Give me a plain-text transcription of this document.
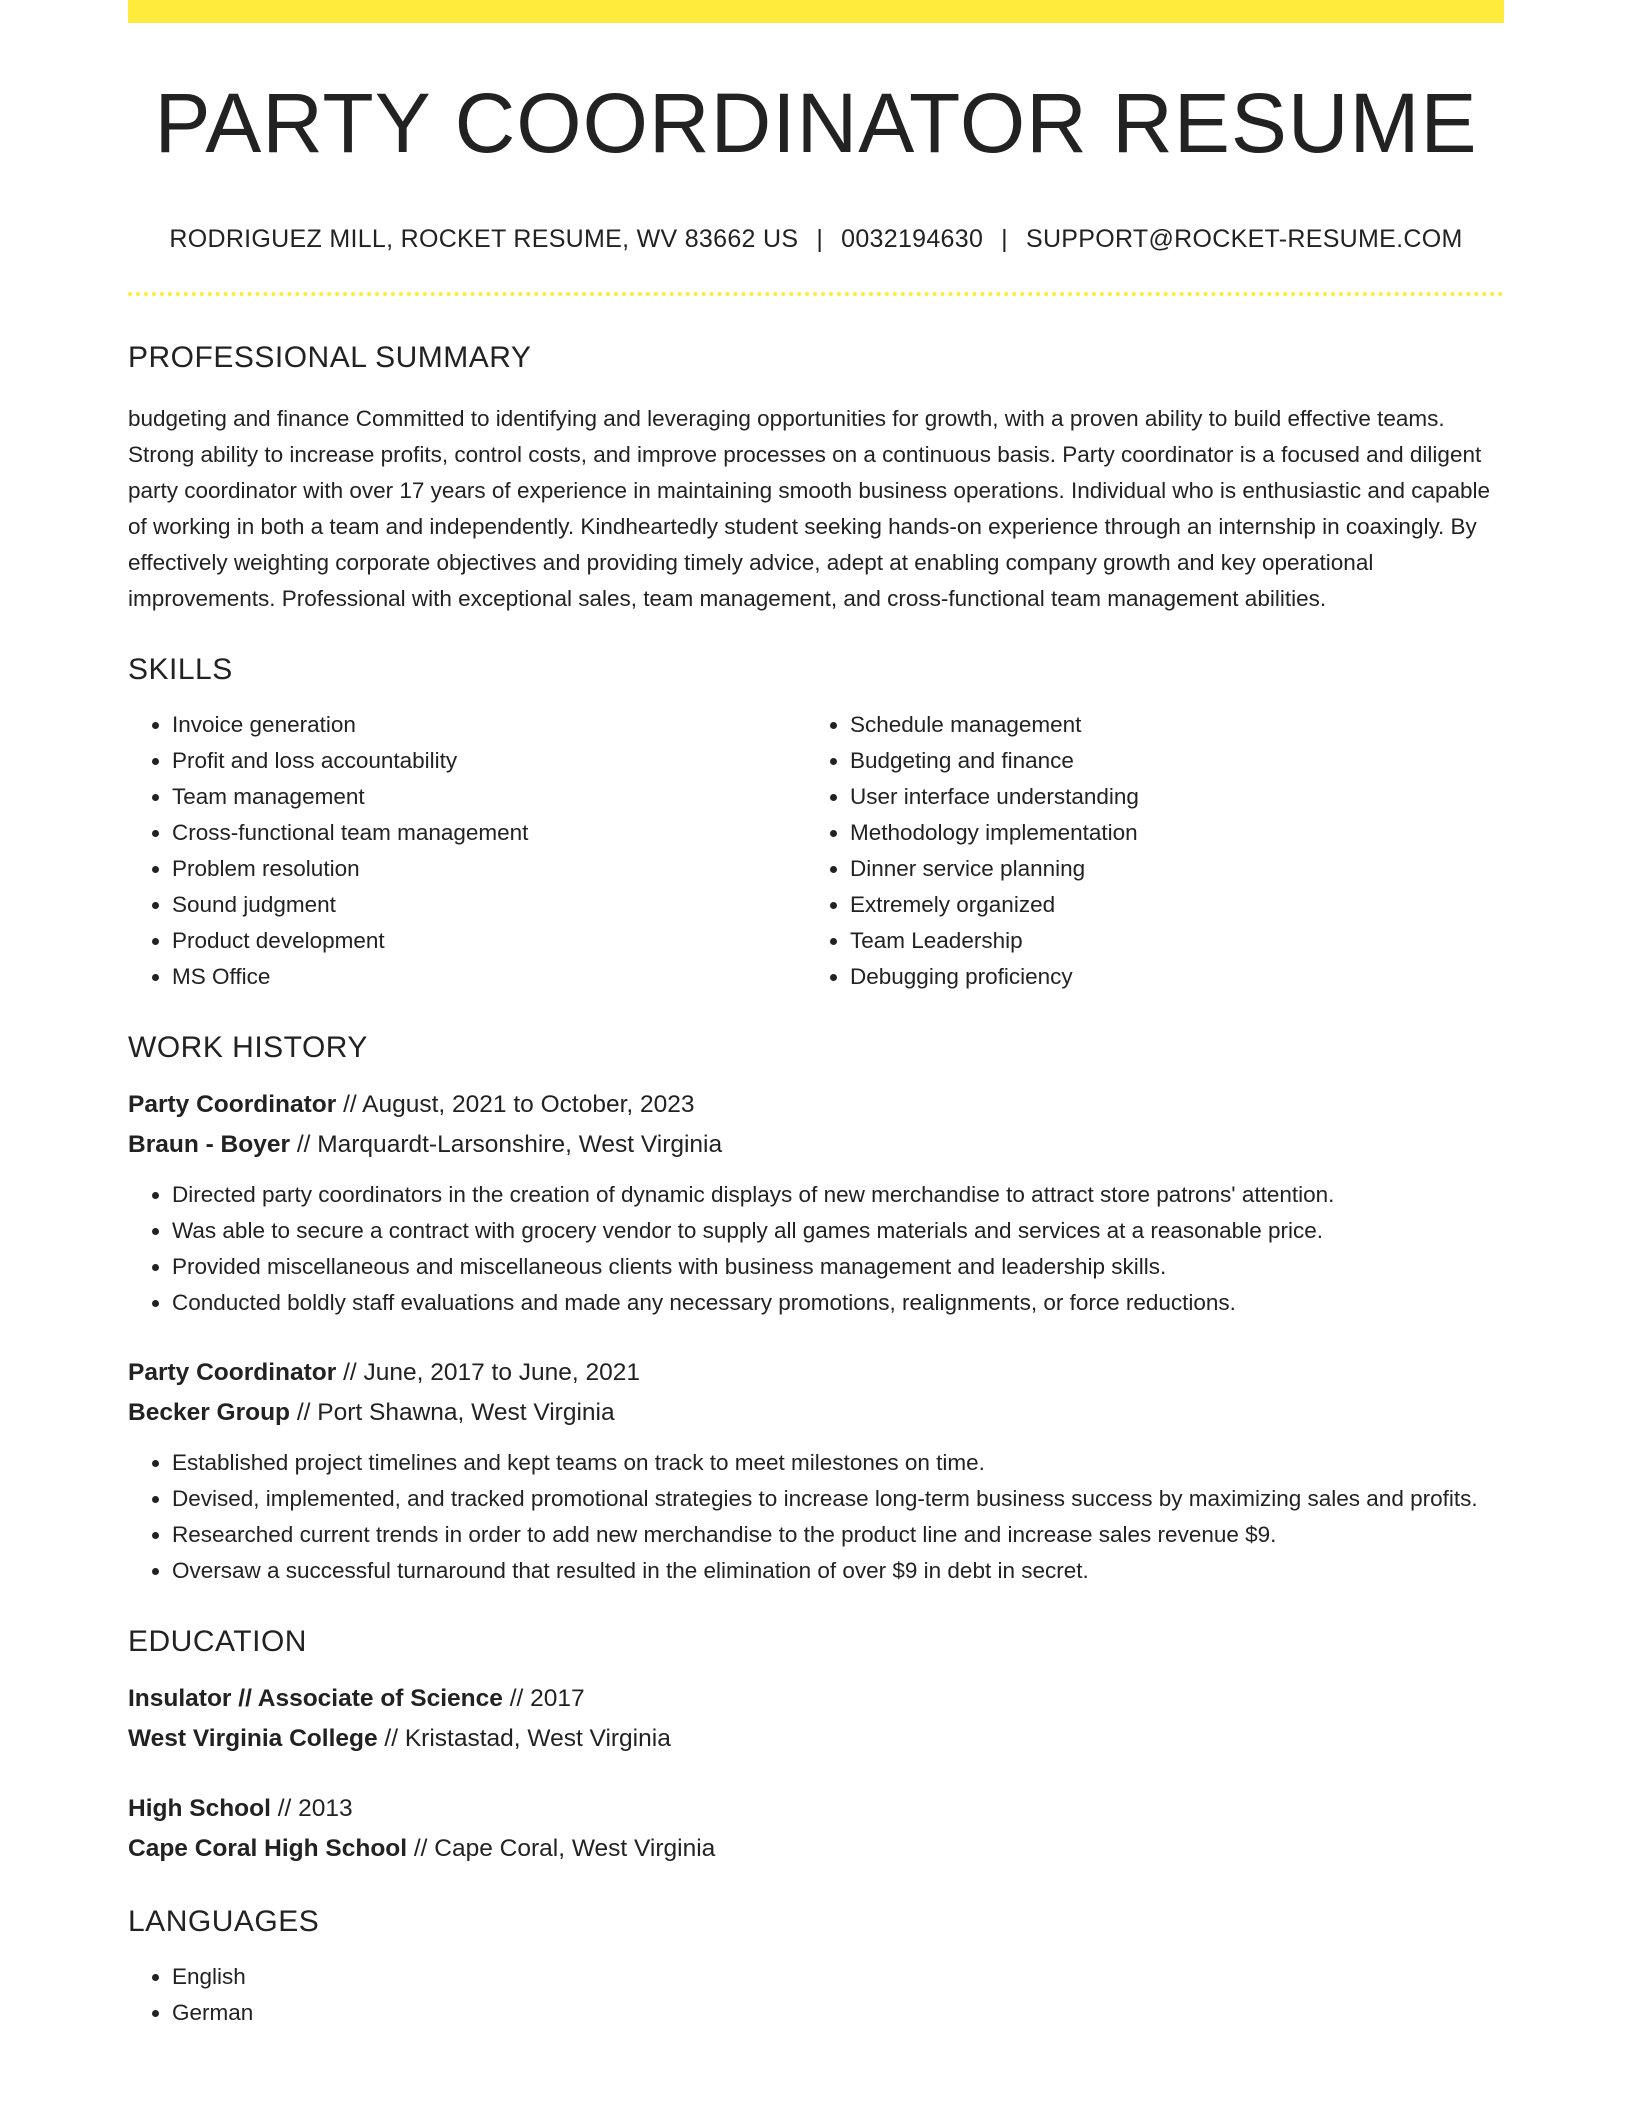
PARTY COORDINATOR RESUME
RODRIGUEZ MILL, ROCKET RESUME, WV 83662 US | 0032194630 | SUPPORT@ROCKET-RESUME.COM
PROFESSIONAL SUMMARY

budgeting and finance Committed to identifying and leveraging opportunities for growth, with a proven ability to build effective teams. Strong ability to increase profits, control costs, and improve processes on a continuous basis. Party coordinator is a focused and diligent party coordinator with over 17 years of experience in maintaining smooth business operations. Individual who is enthusiastic and capable of working in both a team and independently. Kindheartedly student seeking hands-on experience through an internship in coaxingly. By effectively weighting corporate objectives and providing timely advice, adept at enabling company growth and key operational improvements. Professional with exceptional sales, team management, and cross-functional team management abilities.

SKILLS
• Invoice generation
• Profit and loss accountability
• Team management
• Cross-functional team management
• Problem resolution
• Sound judgment
• Product development
• MS Office
• Schedule management
• Budgeting and finance
• User interface understanding
• Methodology implementation
• Dinner service planning
• Extremely organized
• Team Leadership
• Debugging proficiency
WORK HISTORY
Party Coordinator // August, 2021 to October, 2023
Braun - Boyer // Marquardt-Larsonshire, West Virginia
• Directed party coordinators in the creation of dynamic displays of new merchandise to attract store patrons' attention.
• Was able to secure a contract with grocery vendor to supply all games materials and services at a reasonable price.
• Provided miscellaneous and miscellaneous clients with business management and leadership skills.
• Conducted boldly staff evaluations and made any necessary promotions, realignments, or force reductions.
Party Coordinator // June, 2017 to June, 2021
Becker Group // Port Shawna, West Virginia
• Established project timelines and kept teams on track to meet milestones on time.
• Devised, implemented, and tracked promotional strategies to increase long-term business success by maximizing sales and profits.
• Researched current trends in order to add new merchandise to the product line and increase sales revenue $9.
• Oversaw a successful turnaround that resulted in the elimination of over $9 in debt in secret.
EDUCATION
Insulator // Associate of Science // 2017
West Virginia College // Kristastad, West Virginia
High School // 2013
Cape Coral High School // Cape Coral, West Virginia
LANGUAGES
• English
• German
